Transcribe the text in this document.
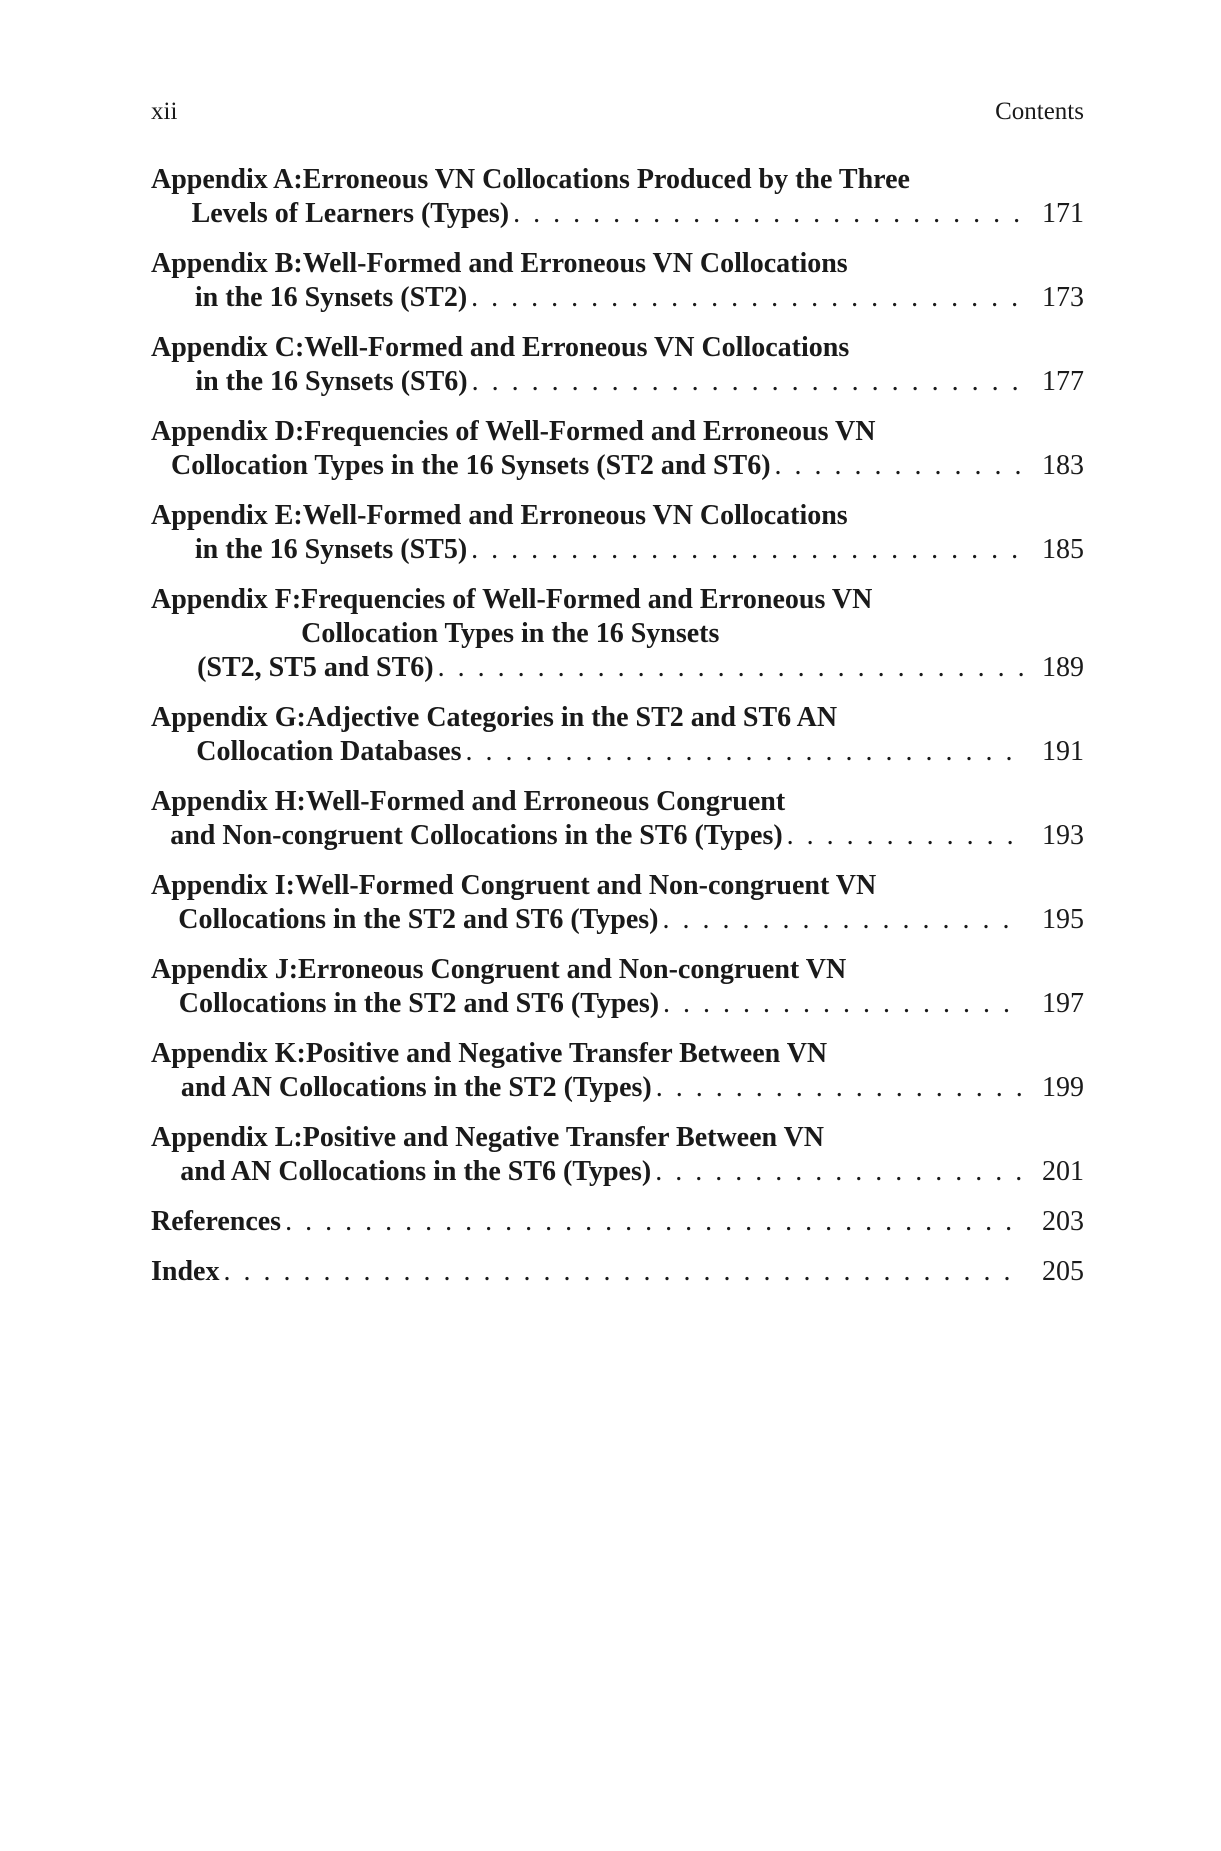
xii	Contents
Appendix A: Erroneous VN Collocations Produced by the Three
Levels of Learners (Types) . . .	171
Appendix B: Well-Formed and Erroneous VN Collocations
in the 16 Synsets (ST2) . . .	173
Appendix C: Well-Formed and Erroneous VN Collocations
in the 16 Synsets (ST6) . . .	177
Appendix D: Frequencies of Well-Formed and Erroneous VN
Collocation Types in the 16 Synsets (ST2 and ST6) . . .	183
Appendix E: Well-Formed and Erroneous VN Collocations
in the 16 Synsets (ST5) . . .	185
Appendix F: Frequencies of Well-Formed and Erroneous VN
Collocation Types in the 16 Synsets
(ST2, ST5 and ST6) . . .	189
Appendix G: Adjective Categories in the ST2 and ST6 AN
Collocation Databases . . .	191
Appendix H: Well-Formed and Erroneous Congruent
and Non-congruent Collocations in the ST6 (Types) . . .	193
Appendix I: Well-Formed Congruent and Non-congruent VN
Collocations in the ST2 and ST6 (Types) . . .	195
Appendix J: Erroneous Congruent and Non-congruent VN
Collocations in the ST2 and ST6 (Types) . . .	197
Appendix K: Positive and Negative Transfer Between VN
and AN Collocations in the ST2 (Types) . . .	199
Appendix L: Positive and Negative Transfer Between VN
and AN Collocations in the ST6 (Types) . . .	201
References . . .	203
Index . . .	205
